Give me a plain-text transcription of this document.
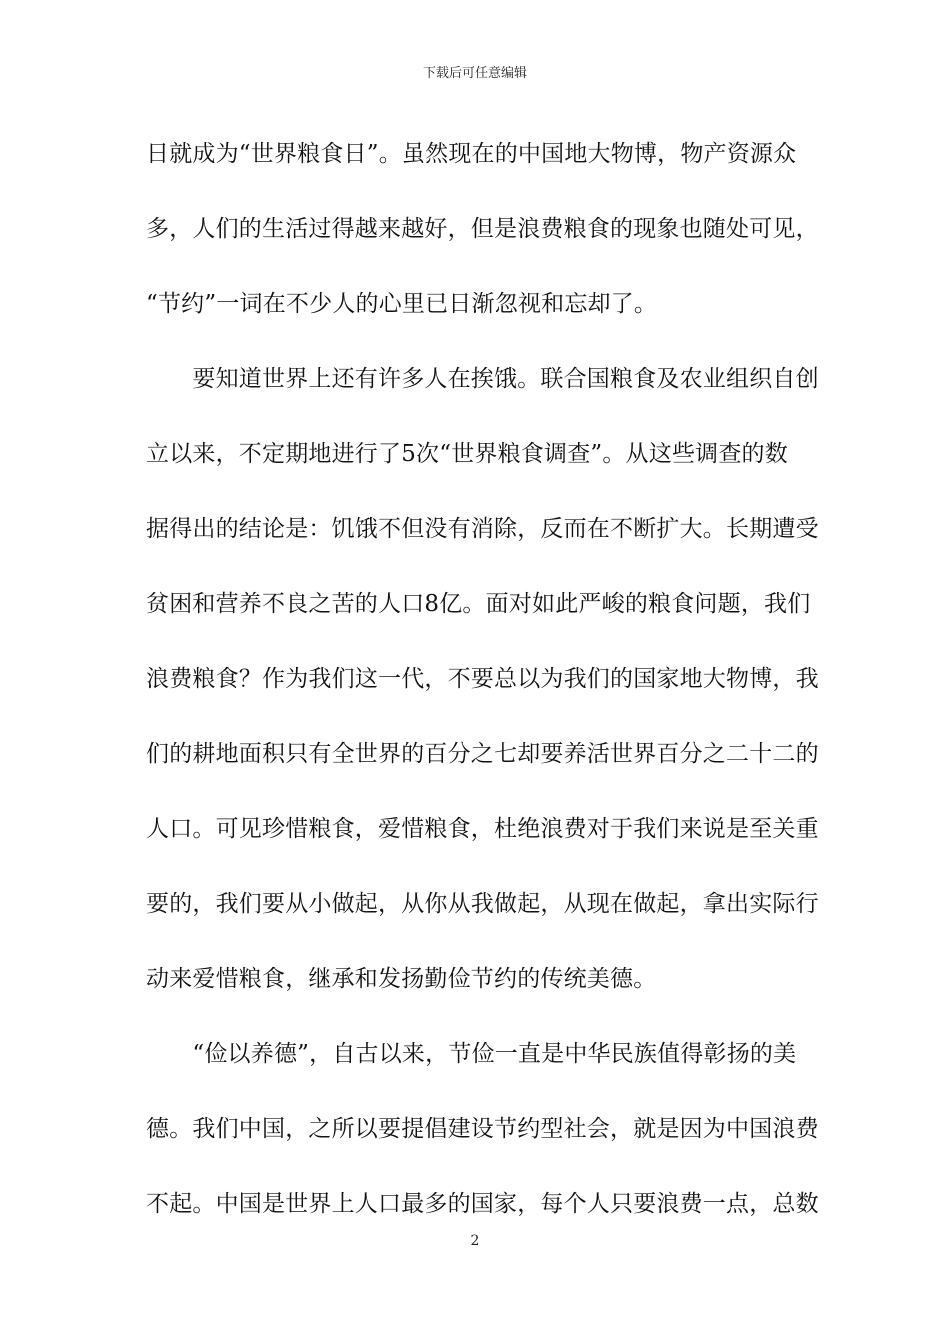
下载后可任意编辑
日就成为“世界粮食日”。虽然现在的中国地大物博，物产资源众
多，人们的生活过得越来越好，但是浪费粮食的现象也随处可见，
“节约”一词在不少人的心里已日渐忽视和忘却了。
　　要知道世界上还有许多人在挨饿。联合国粮食及农业组织自创
立以来，不定期地进行了5次“世界粮食调查”。从这些调查的数
据得出的结论是：饥饿不但没有消除，反而在不断扩大。长期遭受
贫困和营养不良之苦的人口8亿。面对如此严峻的粮食问题，我们
浪费粮食？作为我们这一代，不要总以为我们的国家地大物博，我
们的耕地面积只有全世界的百分之七却要养活世界百分之二十二的
人口。可见珍惜粮食，爱惜粮食，杜绝浪费对于我们来说是至关重
要的，我们要从小做起，从你从我做起，从现在做起，拿出实际行
动来爱惜粮食，继承和发扬勤俭节约的传统美德。
　　“俭以养德”，自古以来，节俭一直是中华民族值得彰扬的美
德。我们中国，之所以要提倡建设节约型社会，就是因为中国浪费
不起。中国是世界上人口最多的国家，每个人只要浪费一点，总数
2
